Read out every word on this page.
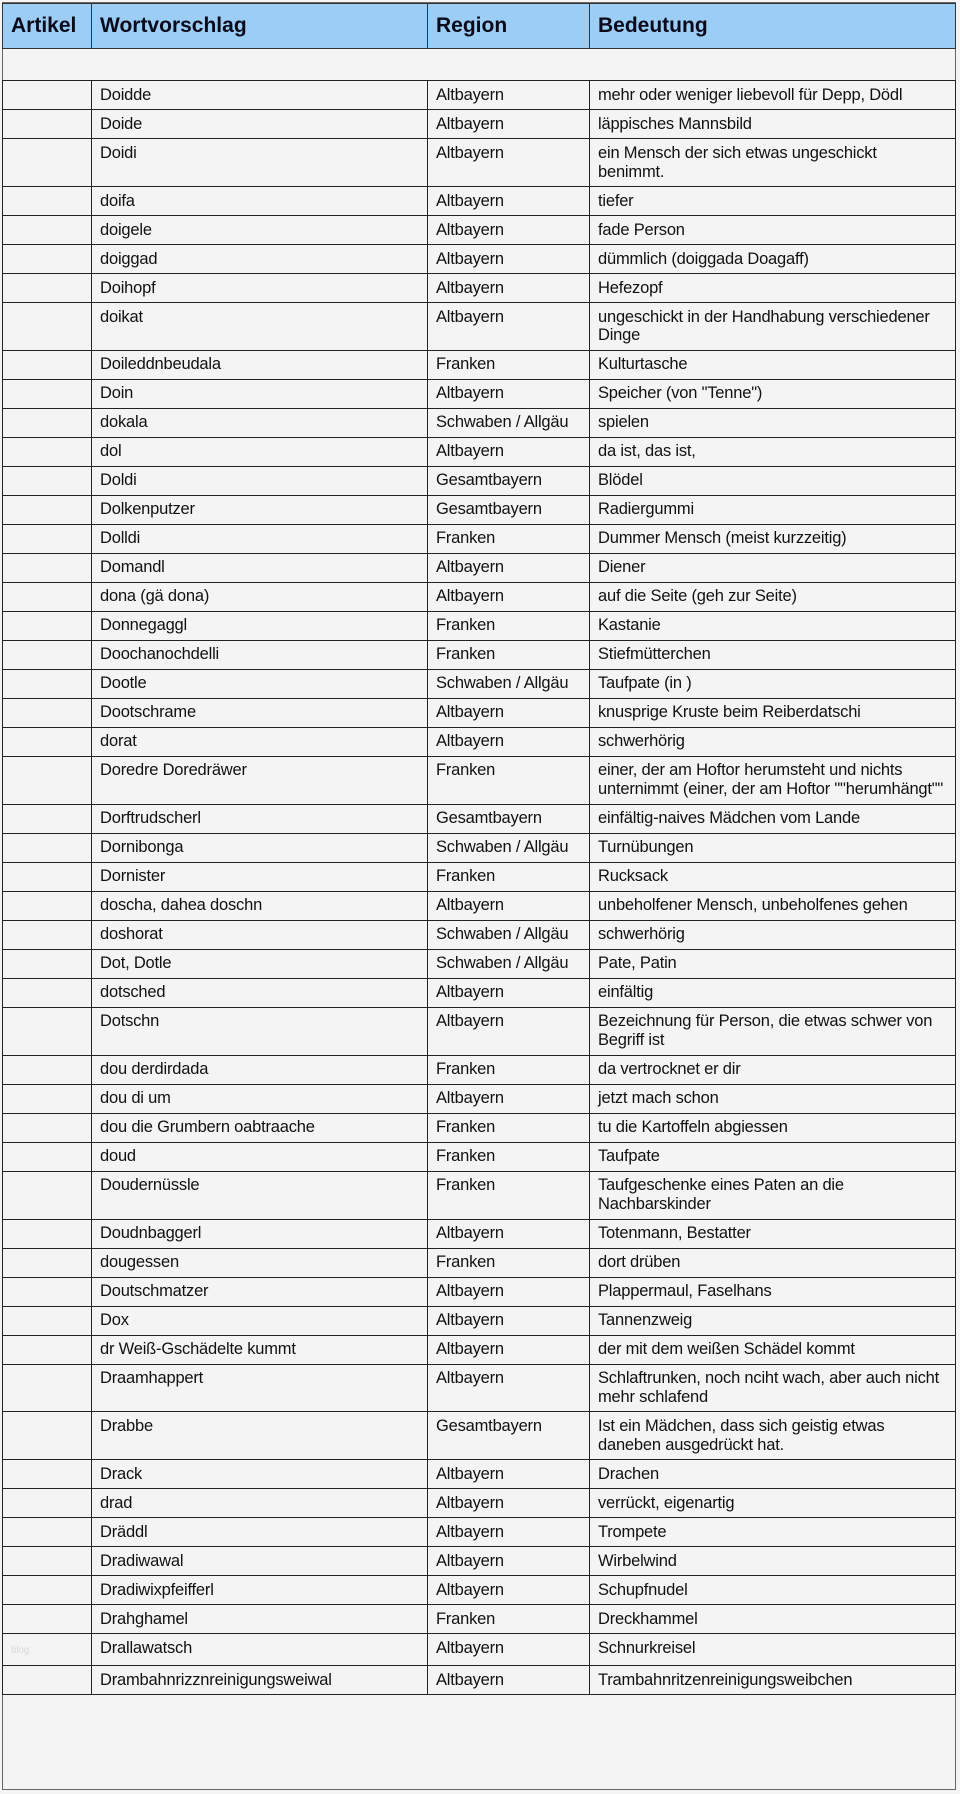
Artikel	Wortvorschlag	Region	Bedeutung
	Doidde	Altbayern	mehr oder weniger liebevoll für Depp, Dödl
	Doide	Altbayern	läppisches Mannsbild
	Doidi	Altbayern	ein Mensch der sich etwas ungeschickt benimmt.
	doifa	Altbayern	tiefer
	doigele	Altbayern	fade Person
	doiggad	Altbayern	dümmlich (doiggada Doagaff)
	Doihopf	Altbayern	Hefezopf
	doikat	Altbayern	ungeschickt in der Handhabung verschiedener Dinge
	Doileddnbeudala	Franken	Kulturtasche
	Doin	Altbayern	Speicher (von "Tenne")
	dokala	Schwaben / Allgäu	spielen
	dol	Altbayern	da ist, das ist,
	Doldi	Gesamtbayern	Blödel
	Dolkenputzer	Gesamtbayern	Radiergummi
	Dolldi	Franken	Dummer Mensch (meist kurzzeitig)
	Domandl	Altbayern	Diener
	dona (gä dona)	Altbayern	auf die Seite (geh zur Seite)
	Donnegaggl	Franken	Kastanie
	Doochanochdelli	Franken	Stiefmütterchen
	Dootle	Schwaben / Allgäu	Taufpate (in )
	Dootschrame	Altbayern	knusprige Kruste beim Reiberdatschi
	dorat	Altbayern	schwerhörig
	Doredre Doredräwer	Franken	einer, der am Hoftor herumsteht und nichts unternimmt (einer, der am Hoftor ""herumhängt""
	Dorftrudscherl	Gesamtbayern	einfältig-naives Mädchen vom Lande
	Dornibonga	Schwaben / Allgäu	Turnübungen
	Dornister	Franken	Rucksack
	doscha, dahea doschn	Altbayern	unbeholfener Mensch, unbeholfenes gehen
	doshorat	Schwaben / Allgäu	schwerhörig
	Dot, Dotle	Schwaben / Allgäu	Pate, Patin
	dotsched	Altbayern	einfältig
	Dotschn	Altbayern	Bezeichnung für Person, die etwas schwer von Begriff ist
	dou derdirdada	Franken	da vertrocknet er dir
	dou di um	Altbayern	jetzt mach schon
	dou die Grumbern oabtraache	Franken	tu die Kartoffeln abgiessen
	doud	Franken	Taufpate
	Doudernüssle	Franken	Taufgeschenke eines Paten an die Nachbarskinder
	Doudnbaggerl	Altbayern	Totenmann, Bestatter
	dougessen	Franken	dort drüben
	Doutschmatzer	Altbayern	Plappermaul, Faselhans
	Dox	Altbayern	Tannenzweig
	dr Weiß-Gschädelte kummt	Altbayern	der mit dem weißen Schädel kommt
	Draamhappert	Altbayern	Schlaftrunken, noch nciht wach, aber auch nicht mehr schlafend
	Drabbe	Gesamtbayern	Ist ein Mädchen, dass sich geistig etwas daneben ausgedrückt hat.
	Drack	Altbayern	Drachen
	drad	Altbayern	verrückt, eigenartig
	Dräddl	Altbayern	Trompete
	Dradiwawal	Altbayern	Wirbelwind
	Dradiwixpfeifferl	Altbayern	Schupfnudel
	Drahghamel	Franken	Dreckhammel
blog	Drallawatsch	Altbayern	Schnurkreisel
	Drambahnrizznreinigungsweiwal	Altbayern	Trambahnritzenreinigungsweibchen
